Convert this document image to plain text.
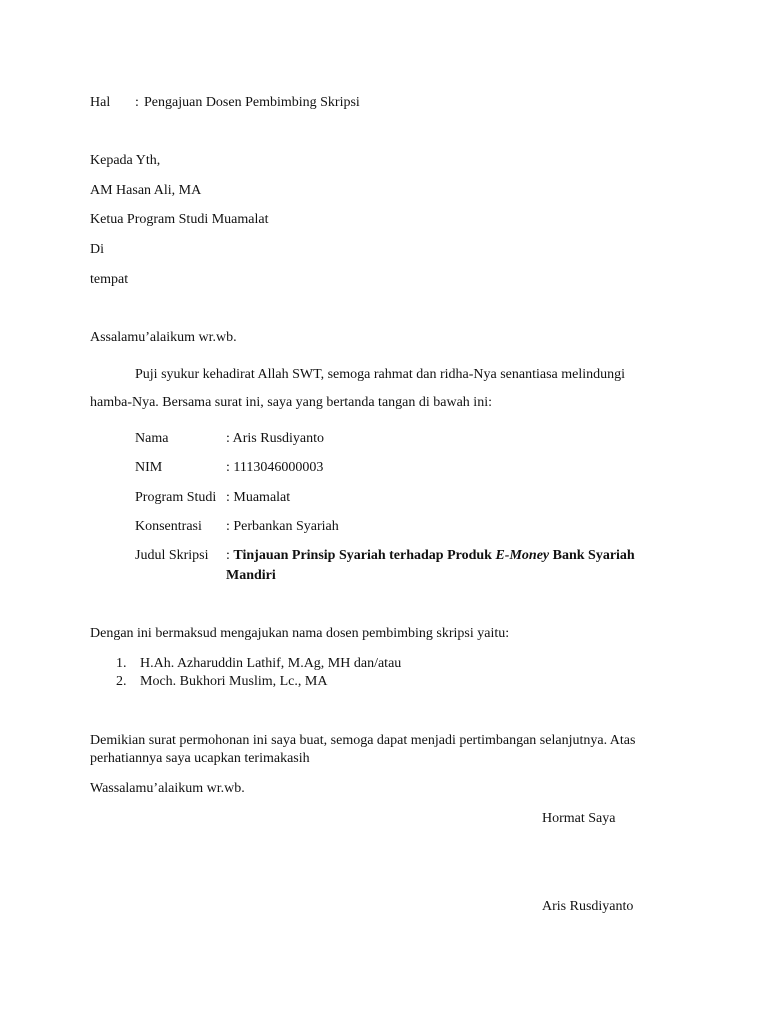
Hal : Pengajuan Dosen Pembimbing Skripsi
Kepada Yth,
AM Hasan Ali, MA
Ketua Program Studi Muamalat
Di
tempat
Assalamu’alaikum wr.wb.
Puji syukur kehadirat Allah SWT, semoga rahmat dan ridha-Nya senantiasa melindungi
hamba-Nya. Bersama surat ini, saya yang bertanda tangan di bawah ini:
Nama	: Aris Rusdiyanto
NIM	: 1113046000003
Program Studi : Muamalat
Konsentrasi : Perbankan Syariah
Judul Skripsi : Tinjauan Prinsip Syariah terhadap Produk E-Money Bank Syariah
Mandiri
Dengan ini bermaksud mengajukan nama dosen pembimbing skripsi yaitu:
1. H.Ah. Azharuddin Lathif, M.Ag, MH dan/atau
2. Moch. Bukhori Muslim, Lc., MA
Demikian surat permohonan ini saya buat, semoga dapat menjadi pertimbangan selanjutnya. Atas
perhatiannya saya ucapkan terimakasih
Wassalamu’alaikum wr.wb.
Hormat Saya
Aris Rusdiyanto
